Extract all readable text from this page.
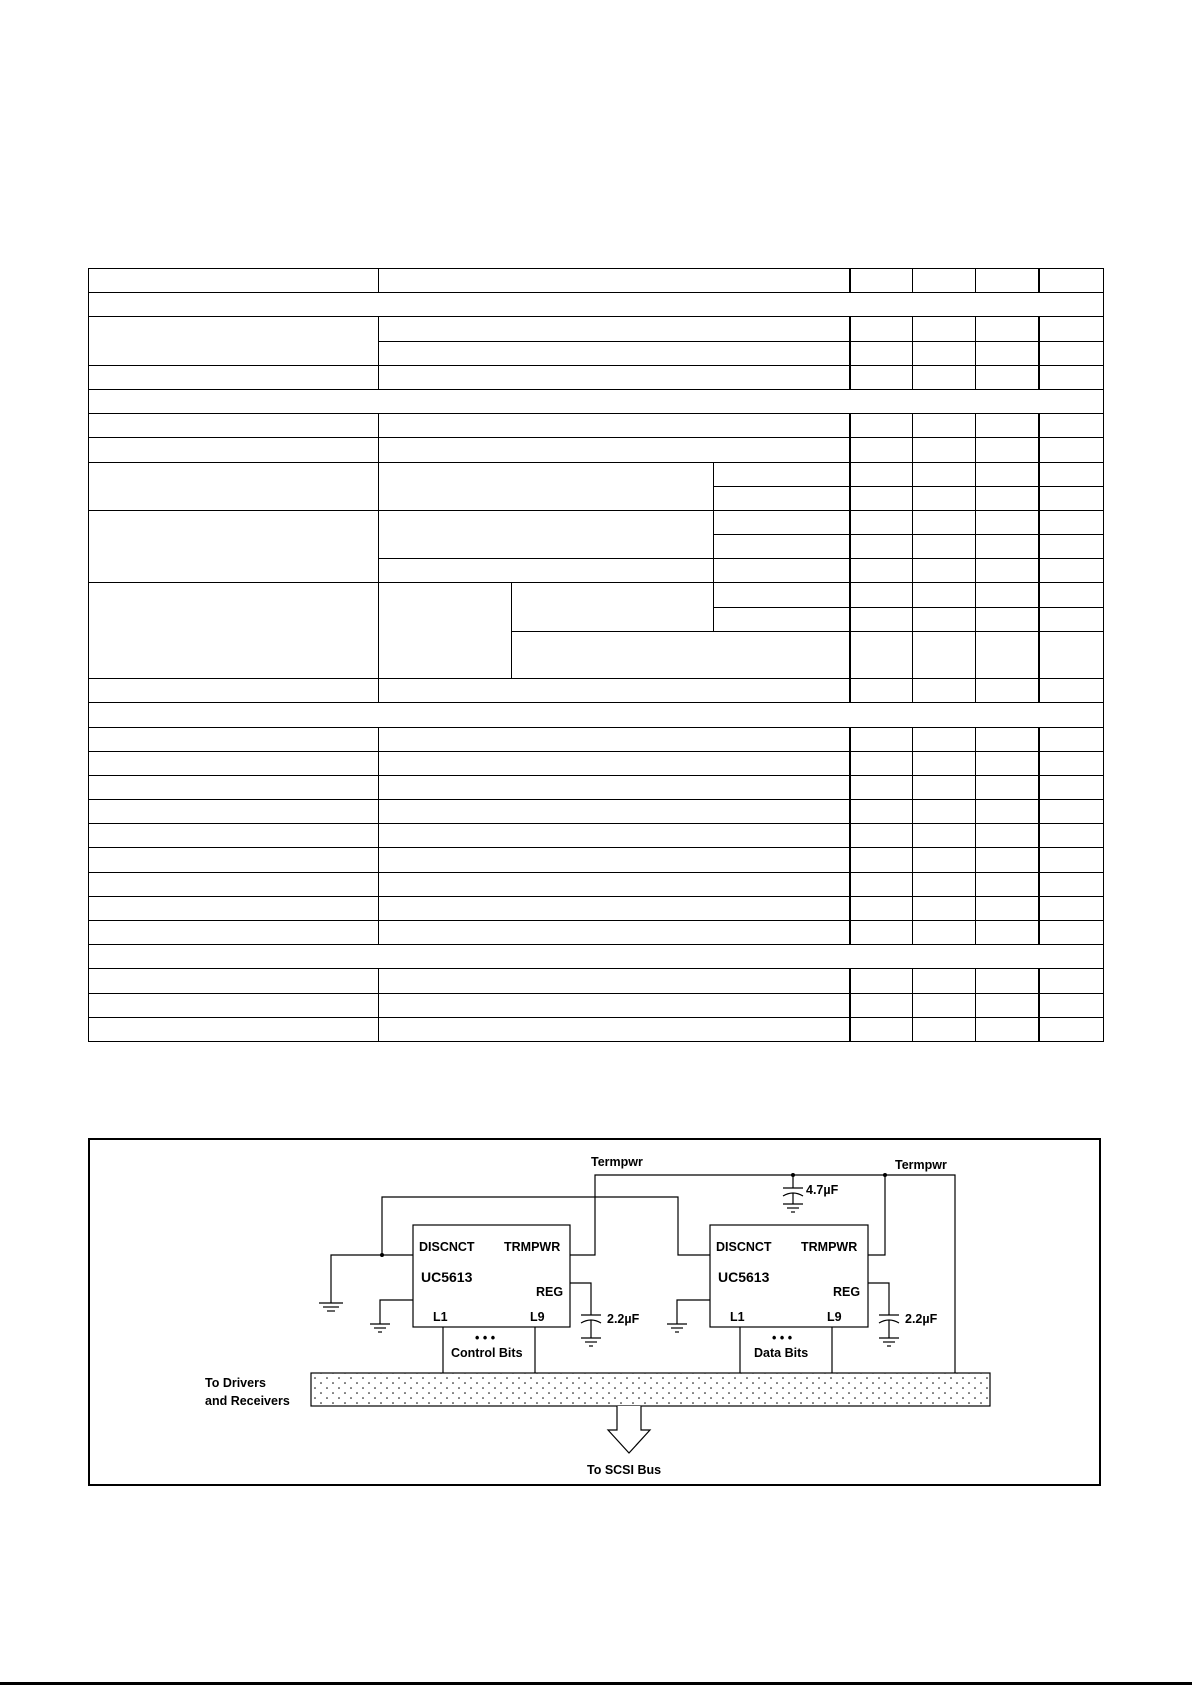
DISCNCT TRMPWR
UC5613
REG
L1	L9
• • •
Control Bits
DISCNCT TRMPWR
UC5613
REG
L1	L9
• • •
Data Bits
Termpwr	Termpwr
4.7µF
2.2µF	2.2µF
To Drivers
and Receivers
To SCSI Bus
